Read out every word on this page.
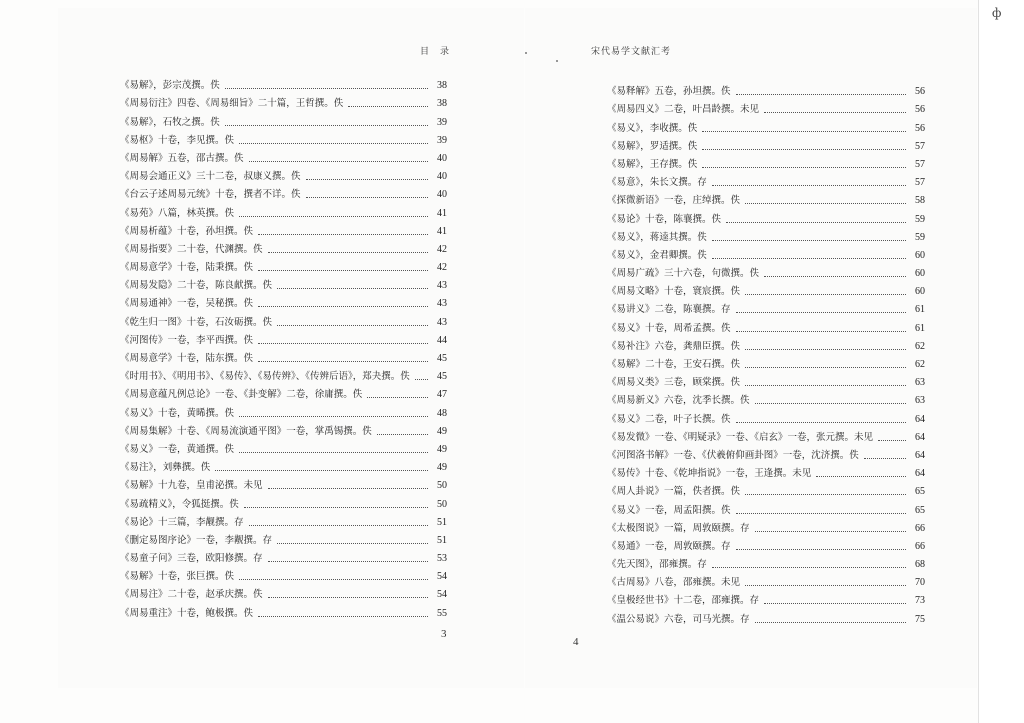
目　录
《易解》，彭宗茂撰。佚	38
《周易衍注》四卷、《周易细旨》二十篇，王哲撰。佚	38
《易解》，石牧之撰。佚	39
《易枢》十卷，李见撰。佚	39
《周易解》五卷，邵古撰。佚	40
《周易会通正义》三十二卷，叔康义撰。佚	40
《台云子述周易元统》十卷，撰者不详。佚	40
《易苑》八篇，林英撰。佚	41
《周易析蕴》十卷，孙坦撰。佚	41
《周易指要》二十卷，代渊撰。佚	42
《周易意学》十卷，陆秉撰。佚	42
《周易发隐》二十卷，陈良献撰。佚	43
《周易通神》一卷，吴秘撰。佚	43
《乾生归一图》十卷，石汝砺撰。佚	43
《河图传》一卷，李平西撰。佚	44
《周易意学》十卷，陆东撰。佚	45
《时用书》、《明用书》、《易传》、《易传辨》、《传辨后语》，郑夬撰。佚	45
《周易意蕴凡例总论》一卷、《卦变解》二卷，徐庸撰。佚	47
《易义》十卷，黄晞撰。佚	48
《周易集解》十卷、《周易流演通平图》一卷，掌禹锡撰。佚	49
《易义》一卷，黄通撰。佚	49
《易注》，刘彝撰。佚	49
《易解》十九卷，皇甫泌撰。未见	50
《易疏精义》，令狐挺撰。佚	50
《易论》十三篇，李觏撰。存	51
《删定易图序论》一卷，李觏撰。存	51
《易童子问》三卷，欧阳修撰。存	53
《易解》十卷，张巨撰。佚	54
《周易注》二十卷，赵承庆撰。佚	54
《周易重注》十卷，鲍极撰。佚	55
3
宋代易学文献汇考
《易释解》五卷，孙坦撰。佚	56
《周易四义》二卷，叶昌龄撰。未见	56
《易义》，李收撰。佚	56
《易解》，罗适撰。佚	57
《易解》，王存撰。佚	57
《易意》，朱长文撰。存	57
《探微新语》一卷，庄绰撰。佚	58
《易论》十卷，陈襄撰。佚	59
《易义》，蒋逵其撰。佚	59
《易义》，金君卿撰。佚	60
《周易广疏》三十六卷，句微撰。佚	60
《周易文略》十卷，寰宸撰。佚	60
《易讲义》二卷，陈襄撰。存	61
《易义》十卷，周希孟撰。佚	61
《易补注》六卷，龚鼎臣撰。佚	62
《易解》二十卷，王安石撰。佚	62
《周易义类》三卷，顾棠撰。佚	63
《周易新义》六卷，沈季长撰。佚	63
《易义》二卷，叶子长撰。佚	64
《易发微》一卷、《明疑录》一卷、《启玄》一卷，张元撰。未见	64
《河图洛书解》一卷、《伏羲俯仰画卦图》一卷，沈济撰。佚	64
《易传》十卷、《乾坤指说》一卷，王逢撰。未见	64
《周人卦说》一篇，佚者撰。佚	65
《易义》一卷，周孟阳撰。佚	65
《太极图说》一篇，周敦颐撰。存	66
《易通》一卷，周敦颐撰。存	66
《先天图》，邵雍撰。存	68
《古周易》八卷，邵雍撰。未见	70
《皇极经世书》十二卷，邵雍撰。存	73
《温公易说》六卷，司马光撰。存	75
4
ф
